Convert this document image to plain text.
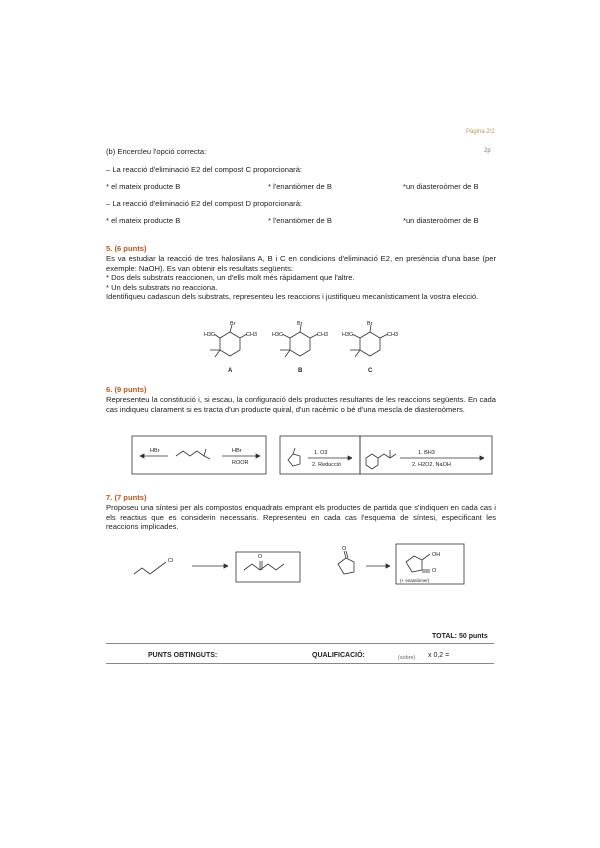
Pàgina 2/2
(b) Encercleu l'opció correcta:	2p
– La reacció d'eliminació E2 del compost C proporcionarà:
* el mateix producte B	* l'enantiòmer de B	*un diasteroòmer de B
– La reacció d'eliminació E2 del compost D proporcionarà:
* el mateix producte B	* l'enantiòmer de B	*un diasteroòmer de B
5. (6 punts)
Es va estudiar la reacció de tres halosilans A, B i C en condicions d'eliminació E2, en presència d'una base (per exemple: NaOH). Es van obtenir els resultats següents:
* Dos dels substrats reaccionen, un d'ells molt més ràpidament que l'altre.
* Un dels substrats no reacciona.
Identifiqueu cadascun dels substrats, representeu les reaccions i justifiqueu mecanísticament la vostra elecció.
H3C
Br
CH3	H3C
Br
CH3	H3C
Br
CH3
A	B	C
6. (9 punts)
Representeu la constitució i, si escau, la configuració dels productes resultants de les reaccions següents. En cada cas indiqueu clarament si es tracta d'un producte quiral, d'un racèmic o bé d'una mescla de diasteroòmers.
HBr	HBr
ROOR
1. O3
2. Reducció
1. BH3
2. H2O2, NaOH
7. (7 punts)
Proposeu una síntesi per als compostos enquadrats emprant els productes de partida que s'indiquen en cada cas i els reactius que es considerin necessaris. Representeu en cada cas l'esquema de síntesi, especificant les reaccions implicades.
Cl
O
O
OH
O
(+ enantiòmer)
TOTAL: 50 punts
PUNTS OBTINGUTS:	QUALIFICACIÓ:	(sobre) x 0,2 =
